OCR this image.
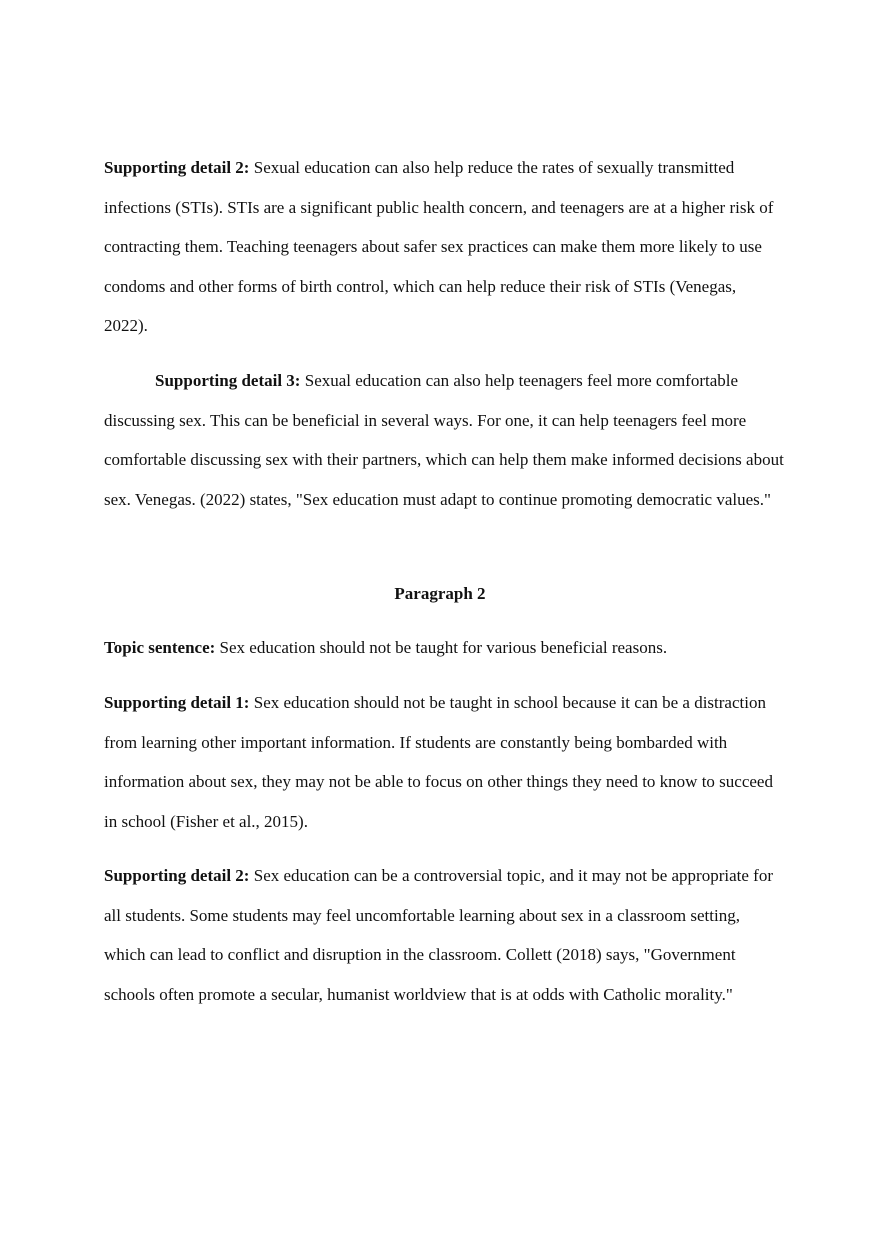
Supporting detail 2: Sexual education can also help reduce the rates of sexually transmitted infections (STIs). STIs are a significant public health concern, and teenagers are at a higher risk of contracting them. Teaching teenagers about safer sex practices can make them more likely to use condoms and other forms of birth control, which can help reduce their risk of STIs (Venegas, 2022).

Supporting detail 3: Sexual education can also help teenagers feel more comfortable discussing sex. This can be beneficial in several ways. For one, it can help teenagers feel more comfortable discussing sex with their partners, which can help them make informed decisions about sex. Venegas. (2022) states, "Sex education must adapt to continue promoting democratic values."

Paragraph 2

Topic sentence: Sex education should not be taught for various beneficial reasons.

Supporting detail 1: Sex education should not be taught in school because it can be a distraction from learning other important information. If students are constantly being bombarded with information about sex, they may not be able to focus on other things they need to know to succeed in school (Fisher et al., 2015).

Supporting detail 2: Sex education can be a controversial topic, and it may not be appropriate for all students. Some students may feel uncomfortable learning about sex in a classroom setting, which can lead to conflict and disruption in the classroom. Collett (2018) says, "Government schools often promote a secular, humanist worldview that is at odds with Catholic morality."
